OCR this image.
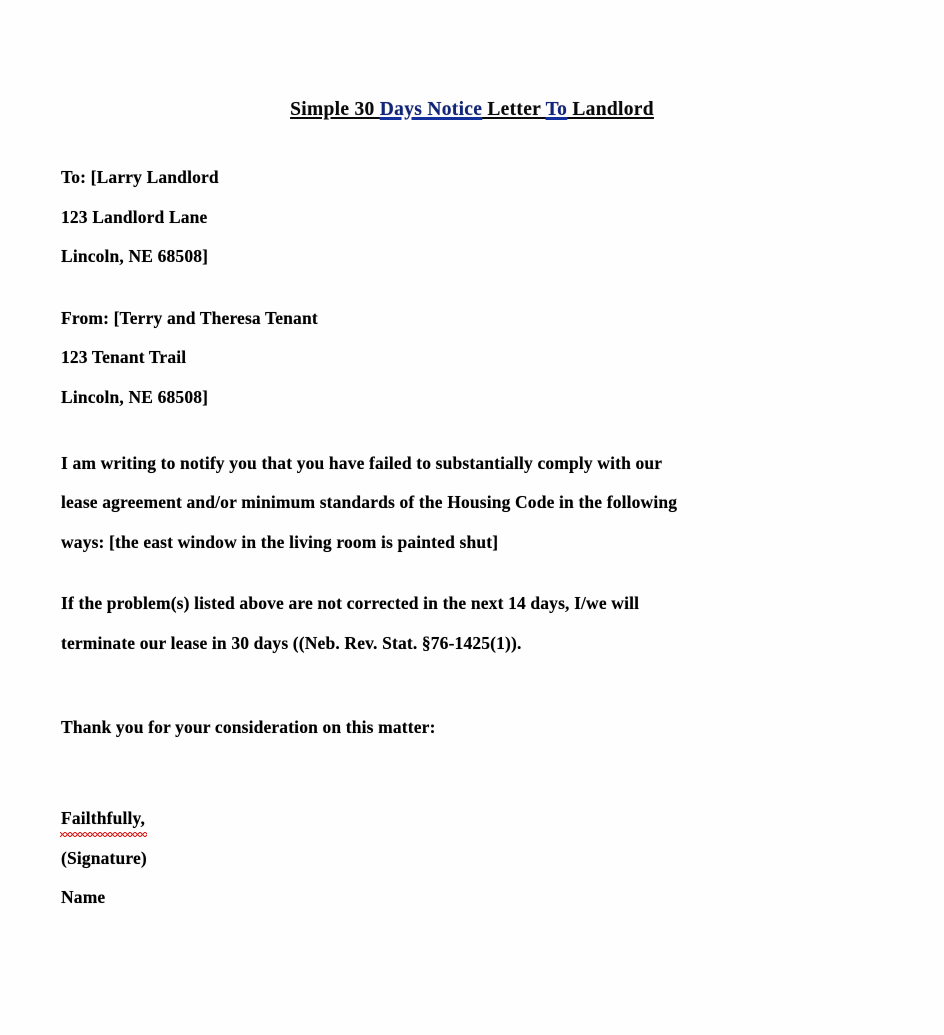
Simple 30 Days Notice Letter To Landlord
To: [Larry Landlord
123 Landlord Lane
Lincoln, NE 68508]
From: [Terry and Theresa Tenant
123 Tenant Trail
Lincoln, NE 68508]
I am writing to notify you that you have failed to substantially comply with our
lease agreement and/or minimum standards of the Housing Code in the following
ways: [the east window in the living room is painted shut]
If the problem(s) listed above are not corrected in the next 14 days, I/we will
terminate our lease in 30 days ((Neb. Rev. Stat. §76-1425(1)).
Thank you for your consideration on this matter:
Failthfully,
(Signature)
Name
